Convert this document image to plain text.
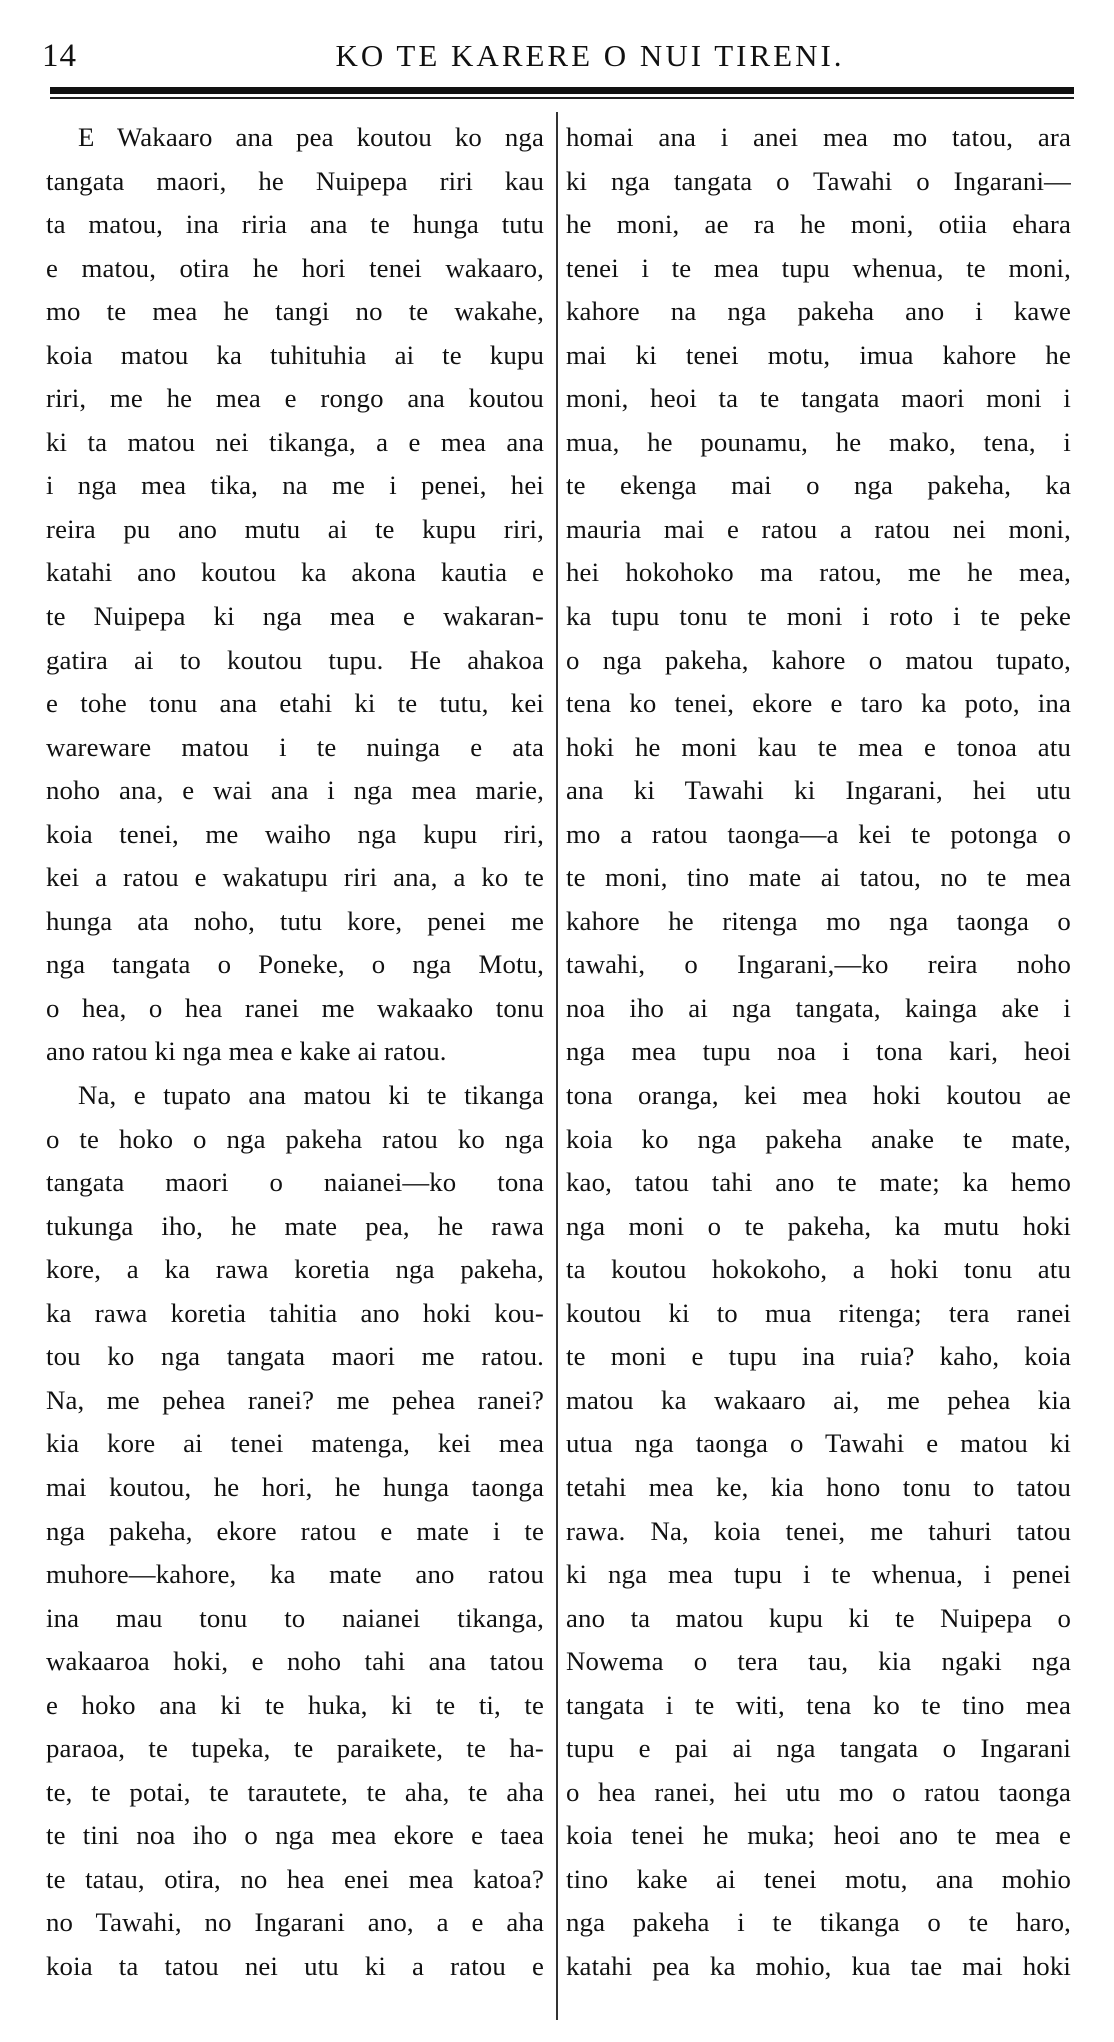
14	KO TE KARERE O NUI TIRENI.
E Wakaaro ana pea koutou ko nga
tangata maori, he Nuipepa riri kau
ta matou, ina riria ana te hunga tutu
e matou, otira he hori tenei wakaaro,
mo te mea he tangi no te wakahe,
koia matou ka tuhituhia ai te kupu
riri, me he mea e rongo ana koutou
ki ta matou nei tikanga, a e mea ana
i nga mea tika, na me i penei, hei
reira pu ano mutu ai te kupu riri,
katahi ano koutou ka akona kautia e
te Nuipepa ki nga mea e wakaran-
gatira ai to koutou tupu. He ahakoa
e tohe tonu ana etahi ki te tutu, kei
wareware matou i te nuinga e ata
noho ana, e wai ana i nga mea marie,
koia tenei, me waiho nga kupu riri,
kei a ratou e wakatupu riri ana, a ko te
hunga ata noho, tutu kore, penei me
nga tangata o Poneke, o nga Motu,
o hea, o hea ranei me wakaako tonu
ano ratou ki nga mea e kake ai ratou.
Na, e tupato ana matou ki te tikanga
o te hoko o nga pakeha ratou ko nga
tangata maori o naianei—ko tona
tukunga iho, he mate pea, he rawa
kore, a ka rawa koretia nga pakeha,
ka rawa koretia tahitia ano hoki kou-
tou ko nga tangata maori me ratou.
Na, me pehea ranei? me pehea ranei?
kia kore ai tenei matenga, kei mea
mai koutou, he hori, he hunga taonga
nga pakeha, ekore ratou e mate i te
muhore—kahore, ka mate ano ratou
ina mau tonu to naianei tikanga,
wakaaroa hoki, e noho tahi ana tatou
e hoko ana ki te huka, ki te ti, te
paraoa, te tupeka, te paraikete, te ha-
te, te potai, te tarautete, te aha, te aha
te tini noa iho o nga mea ekore e taea
te tatau, otira, no hea enei mea katoa?
no Tawahi, no Ingarani ano, a e aha
koia ta tatou nei utu ki a ratou e
homai ana i anei mea mo tatou, ara
ki nga tangata o Tawahi o Ingarani—
he moni, ae ra he moni, otiia ehara
tenei i te mea tupu whenua, te moni,
kahore na nga pakeha ano i kawe
mai ki tenei motu, imua kahore he
moni, heoi ta te tangata maori moni i
mua, he pounamu, he mako, tena, i
te ekenga mai o nga pakeha, ka
mauria mai e ratou a ratou nei moni,
hei hokohoko ma ratou, me he mea,
ka tupu tonu te moni i roto i te peke
o nga pakeha, kahore o matou tupato,
tena ko tenei, ekore e taro ka poto, ina
hoki he moni kau te mea e tonoa atu
ana ki Tawahi ki Ingarani, hei utu
mo a ratou taonga—a kei te potonga o
te moni, tino mate ai tatou, no te mea
kahore he ritenga mo nga taonga o
tawahi, o Ingarani,—ko reira noho
noa iho ai nga tangata, kainga ake i
nga mea tupu noa i tona kari, heoi
tona oranga, kei mea hoki koutou ae
koia ko nga pakeha anake te mate,
kao, tatou tahi ano te mate; ka hemo
nga moni o te pakeha, ka mutu hoki
ta koutou hokokoho, a hoki tonu atu
koutou ki to mua ritenga; tera ranei
te moni e tupu ina ruia? kaho, koia
matou ka wakaaro ai, me pehea kia
utua nga taonga o Tawahi e matou ki
tetahi mea ke, kia hono tonu to tatou
rawa. Na, koia tenei, me tahuri tatou
ki nga mea tupu i te whenua, i penei
ano ta matou kupu ki te Nuipepa o
Nowema o tera tau, kia ngaki nga
tangata i te witi, tena ko te tino mea
tupu e pai ai nga tangata o Ingarani
o hea ranei, hei utu mo o ratou taonga
koia tenei he muka; heoi ano te mea e
tino kake ai tenei motu, ana mohio
nga pakeha i te tikanga o te haro,
katahi pea ka mohio, kua tae mai hoki
